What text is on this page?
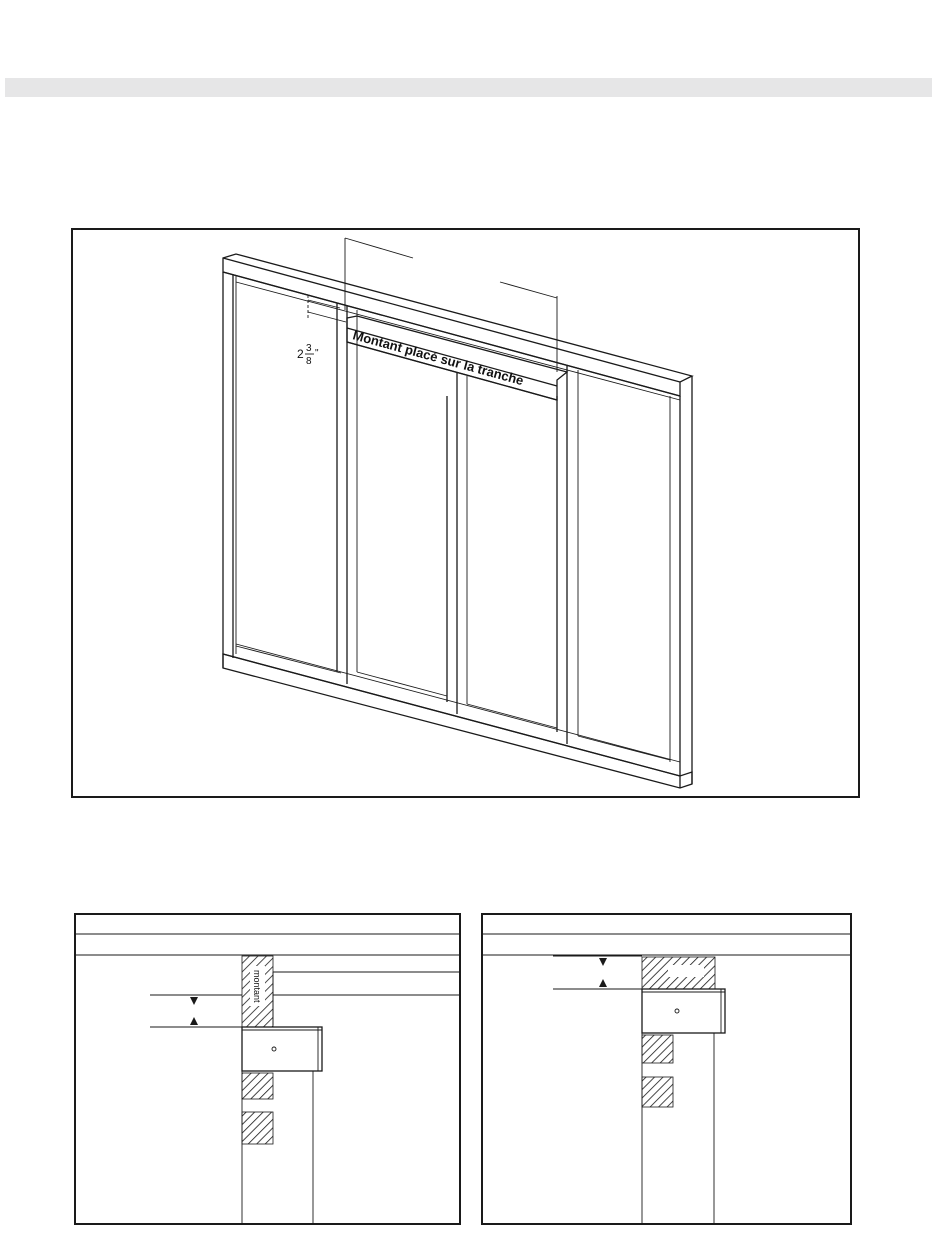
2 3
8
"	Montant placé sur la tranche
montant
